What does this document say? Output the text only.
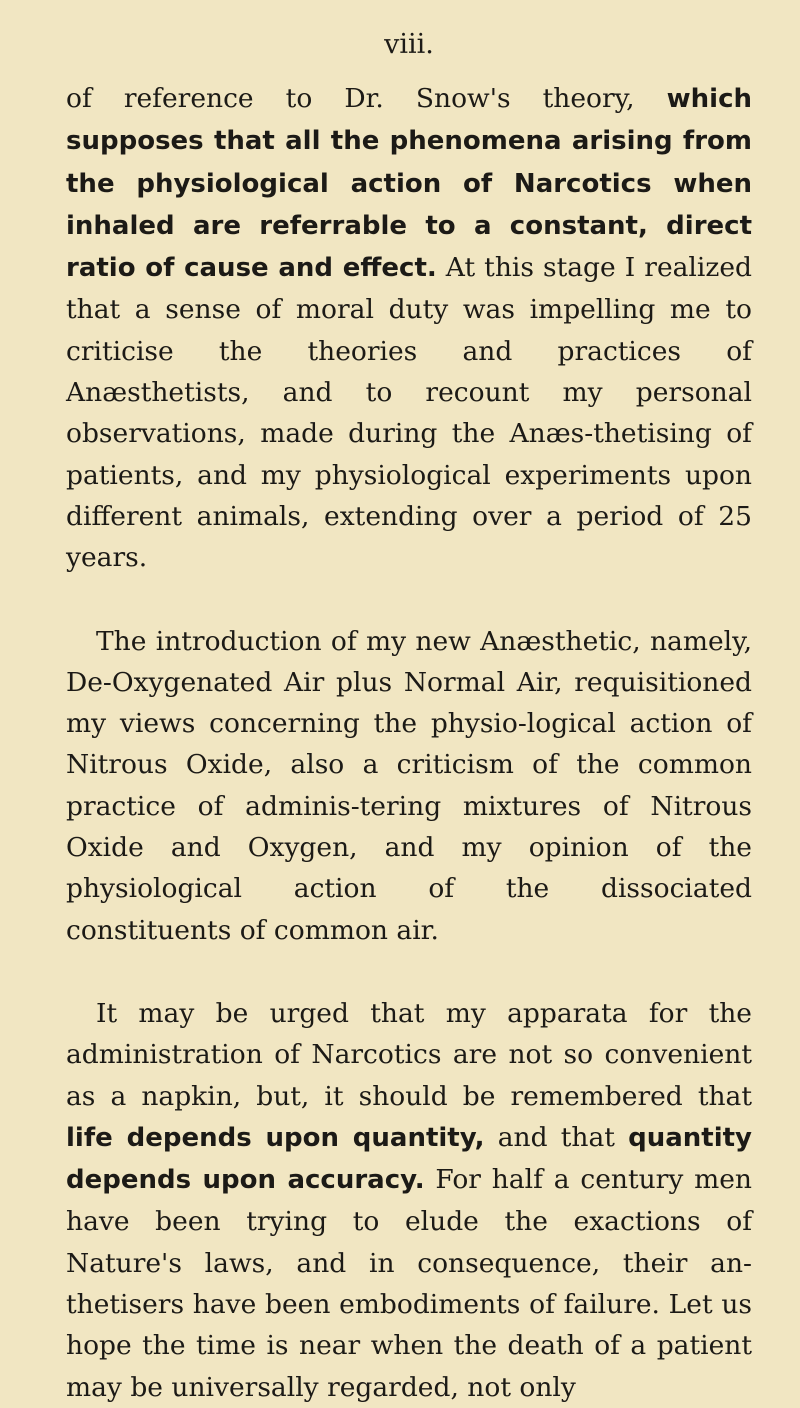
viii.

of reference to Dr. Snow's theory, which supposes that all the phenomena arising from the physiological action of Narcotics when inhaled are referrable to a constant, direct ratio of cause and effect. At this stage I realized that a sense of moral duty was impelling me to criticise the theories and practices of Anæsthetists, and to recount my personal observations, made during the Anæs-thetising of patients, and my physiological experiments upon different animals, extending over a period of 25 years.

The introduction of my new Anæsthetic, namely, De-Oxygenated Air plus Normal Air, requisitioned my views concerning the physio-logical action of Nitrous Oxide, also a criticism of the common practice of adminis-tering mixtures of Nitrous Oxide and Oxygen, and my opinion of the physiological action of the dissociated constituents of common air.

It may be urged that my apparata for the administration of Narcotics are not so convenient as a napkin, but, it should be remembered that life depends upon quantity, and that quantity depends upon accuracy. For half a century men have been trying to elude the exactions of Nature's laws, and in consequence, their an-thetisers have been embodiments of failure. Let us hope the time is near when the death of a patient may be universally regarded, not only
